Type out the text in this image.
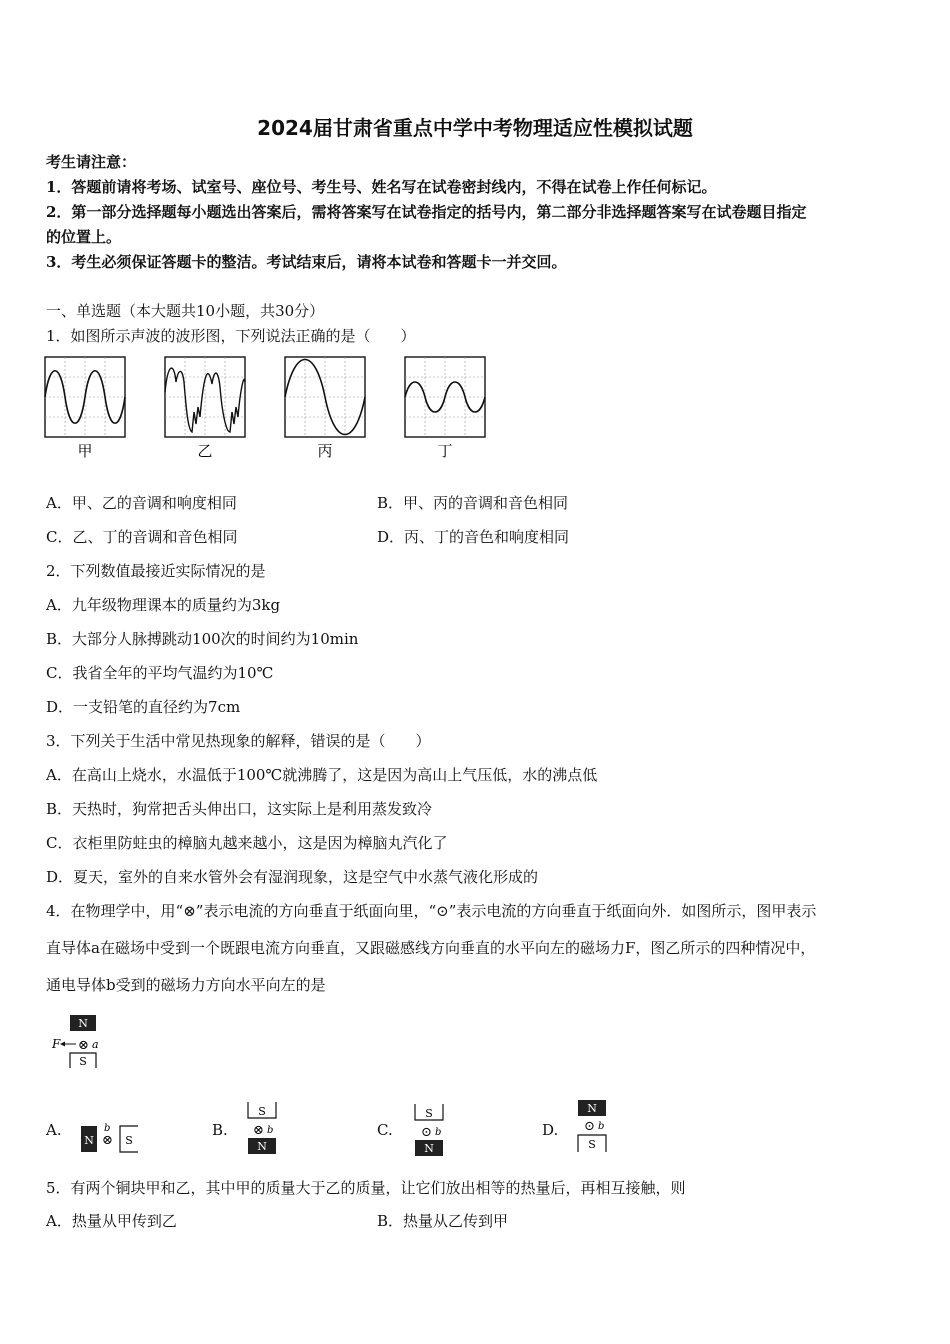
2024届甘肃省重点中学中考物理适应性模拟试题
考生请注意：
1．答题前请将考场、试室号、座位号、考生号、姓名写在试卷密封线内，不得在试卷上作任何标记。
2．第一部分选择题每小题选出答案后，需将答案写在试卷指定的括号内，第二部分非选择题答案写在试卷题目指定
的位置上。
3．考生必须保证答题卡的整洁。考试结束后，请将本试卷和答题卡一并交回。
一、单选题（本大题共10小题，共30分）
1．如图所示声波的波形图，下列说法正确的是（　　）
甲	乙	丙	丁
A．甲、乙的音调和响度相同	B．甲、丙的音调和音色相同
C．乙、丁的音调和音色相同	D．丙、丁的音色和响度相同
2．下列数值最接近实际情况的是
A．九年级物理课本的质量约为3kg
B．大部分人脉搏跳动100次的时间约为10min
C．我省全年的平均气温约为10℃
D．一支铅笔的直径约为7cm
3．下列关于生活中常见热现象的解释，错误的是（　　）
A．在高山上烧水，水温低于100℃就沸腾了，这是因为高山上气压低，水的沸点低
B．天热时，狗常把舌头伸出口，这实际上是利用蒸发致冷
C．衣柜里防蛀虫的樟脑丸越来越小，这是因为樟脑丸汽化了
D．夏天，室外的自来水管外会有湿润现象，这是空气中水蒸气液化形成的
4．在物理学中，用“⊗”表示电流的方向垂直于纸面向里，“⊙”表示电流的方向垂直于纸面向外．如图所示，图甲表示
直导体a在磁场中受到一个既跟电流方向垂直，又跟磁感线方向垂直的水平向左的磁场力F，图乙所示的四种情况中，
通电导体b受到的磁场力方向水平向左的是
N
F ⊗ a
S
A.
N ⊗
b
S
B.
S
⊗ b
N
C.
S
⊙ b
N
D.
N
⊙ b
S
5．有两个铜块甲和乙，其中甲的质量大于乙的质量，让它们放出相等的热量后，再相互接触，则
A．热量从甲传到乙	B．热量从乙传到甲
